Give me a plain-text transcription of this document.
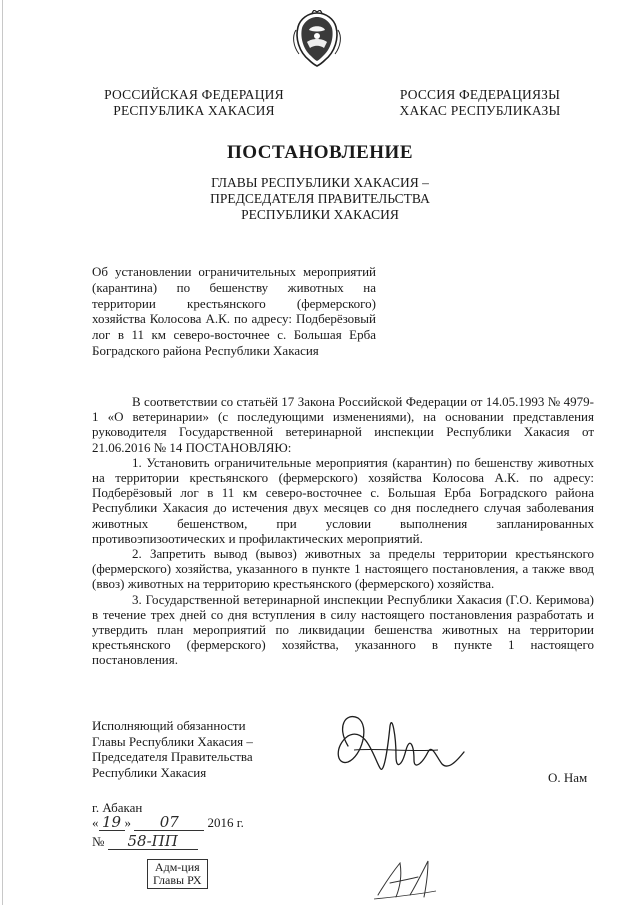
РОССИЙСКАЯ ФЕДЕРАЦИЯ
РЕСПУБЛИКА ХАКАСИЯ
РОССИЯ ФЕДЕРАЦИЯЗЫ
ХАКАС РЕСПУБЛИКАЗЫ
ПОСТАНОВЛЕНИЕ
ГЛАВЫ РЕСПУБЛИКИ ХАКАСИЯ –
ПРЕДСЕДАТЕЛЯ ПРАВИТЕЛЬСТВА
РЕСПУБЛИКИ ХАКАСИЯ
Об установлении ограничительных мероприятий (карантина) по бешенству животных на территории крестьянского (фермерского) хозяйства Колосова А.К. по адресу: Подберёзовый лог в 11 км северо-восточнее с. Большая Ерба Боградского района Республики Хакасия

В соответствии со статьёй 17 Закона Российской Федерации от 14.05.1993 № 4979-1 «О ветеринарии» (с последующими изменениями), на основании представления руководителя Государственной ветеринарной инспекции Республики Хакасия от 21.06.2016 № 14 ПОСТАНОВЛЯЮ:

1. Установить ограничительные мероприятия (карантин) по бешенству животных на территории крестьянского (фермерского) хозяйства Колосова А.К. по адресу: Подберёзовый лог в 11 км северо-восточнее с. Большая Ерба Боградского района Республики Хакасия до истечения двух месяцев со дня последнего случая заболевания животных бешенством, при условии выполнения запланированных противоэпизоотических и профилактических мероприятий.

2. Запретить вывод (вывоз) животных за пределы территории крестьянского (фермерского) хозяйства, указанного в пункте 1 настоящего постановления, а также ввод (ввоз) животных на территорию крестьянского (фермерского) хозяйства.

3. Государственной ветеринарной инспекции Республики Хакасия (Г.О. Керимова) в течение трех дней со дня вступления в силу настоящего постановления разработать и утвердить план мероприятий по ликвидации бешенства животных на территории крестьянского (фермерского) хозяйства, указанного в пункте 1 настоящего постановления.

Исполняющий обязанности
Главы Республики Хакасия –
Председателя Правительства
Республики Хакасия	О. Нам
г. Абакан
« 19 » 07 2016 г.
№ 58-ПП
Адм-ция
Главы РХ
